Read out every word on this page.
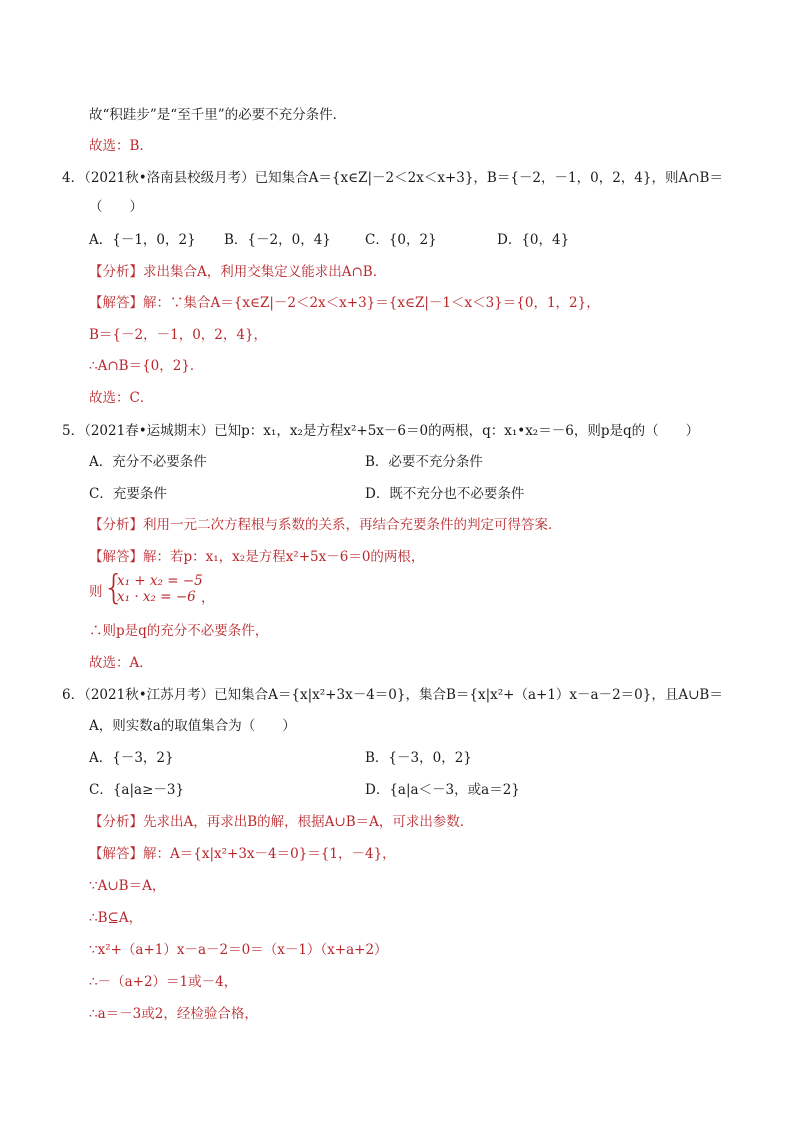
故“积跬步”是“至千里”的必要不充分条件．
故选：B．
4．（2021秋•洛南县校级月考）已知集合A＝{x∈Z|－2＜2x＜x+3}，B＝{－2，－1，0，2，4}，则A∩B＝
（　　）
A．{－1，0，2} B．{－2，0，4}	C．{0，2}	D．{0，4}
【分析】求出集合A，利用交集定义能求出A∩B．
【解答】解：∵集合A＝{x∈Z|－2＜2x＜x+3}＝{x∈Z|－1＜x＜3}＝{0，1，2}，
B＝{－2，－1，0，2，4}，
∴A∩B＝{0，2}．
故选：C．
5．（2021春•运城期末）已知p：x₁，x₂是方程x²+5x－6＝0的两根，q：x₁•x₂＝－6，则p是q的（　　）
A．充分不必要条件	B．必要不充分条件
C．充要条件	D．既不充分也不必要条件
【分析】利用一元二次方程根与系数的关系，再结合充要条件的判定可得答案．
【解答】解：若p：x₁，x₂是方程x²+5x－6＝0的两根，
则 {
x₁ + x₂ = −5
x₁ · x₂ = −6 ，
∴则p是q的充分不必要条件，
故选：A．
6．（2021秋•江苏月考）已知集合A＝{x|x²+3x－4＝0}，集合B＝{x|x²+（a+1）x－a－2＝0}，且A∪B＝
A，则实数a的取值集合为（　　）
A．{－3，2}	B．{－3，0，2}
C．{a|a≥－3}	D．{a|a＜－3，或a＝2}
【分析】先求出A，再求出B的解，根据A∪B＝A，可求出参数．
【解答】解：A＝{x|x²+3x－4＝0}＝{1，－4}，
∵A∪B＝A，
∴B⊆A，
∵x²+（a+1）x－a－2＝0＝（x－1）（x+a+2）
∴－（a+2）＝1或－4，
∴a＝－3或2，经检验合格，
